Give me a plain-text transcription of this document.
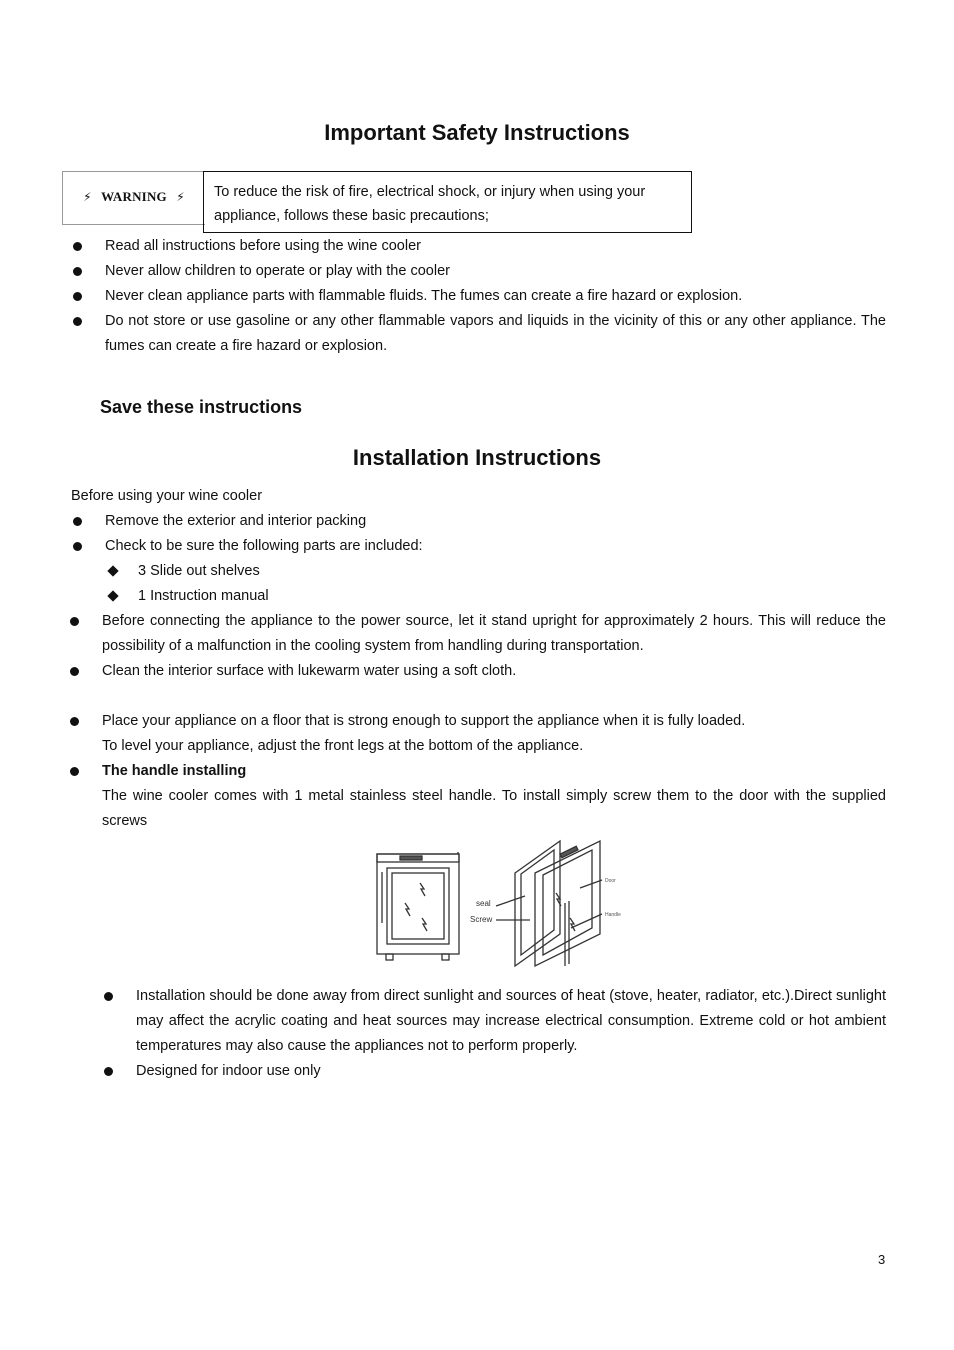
Important Safety Instructions
⚡ WARNING ⚡	To reduce the risk of fire, electrical shock, or injury when using your appliance, follows these basic precautions;
Read all instructions before using the wine cooler
Never allow children to operate or play with the cooler
Never clean appliance parts with flammable fluids. The fumes can create a fire hazard or explosion.
Do not store or use gasoline or any other flammable vapors and liquids in the vicinity of this or any other appliance. The fumes can create a fire hazard or explosion.
Save these instructions
Installation Instructions
Before using your wine cooler
Remove the exterior and interior packing
Check to be sure the following parts are included:
3 Slide out shelves
1 Instruction manual
Before connecting the appliance to the power source, let it stand upright for approximately 2 hours. This will reduce the possibility of a malfunction in the cooling system from handling during transportation.
Clean the interior surface with lukewarm water using a soft cloth.
Place your appliance on a floor that is strong enough to support the appliance when it is fully loaded.
To level your appliance, adjust the front legs at the bottom of the appliance.
The handle installing
The wine cooler comes with 1 metal stainless steel handle. To install simply screw them to the door with the supplied screws
seal
Screw
Door
Handle
Installation should be done away from direct sunlight and sources of heat (stove, heater, radiator, etc.).Direct sunlight may affect the acrylic coating and heat sources may increase electrical consumption. Extreme cold or hot ambient temperatures may also cause the appliances not to perform properly.
Designed for indoor use only
3
